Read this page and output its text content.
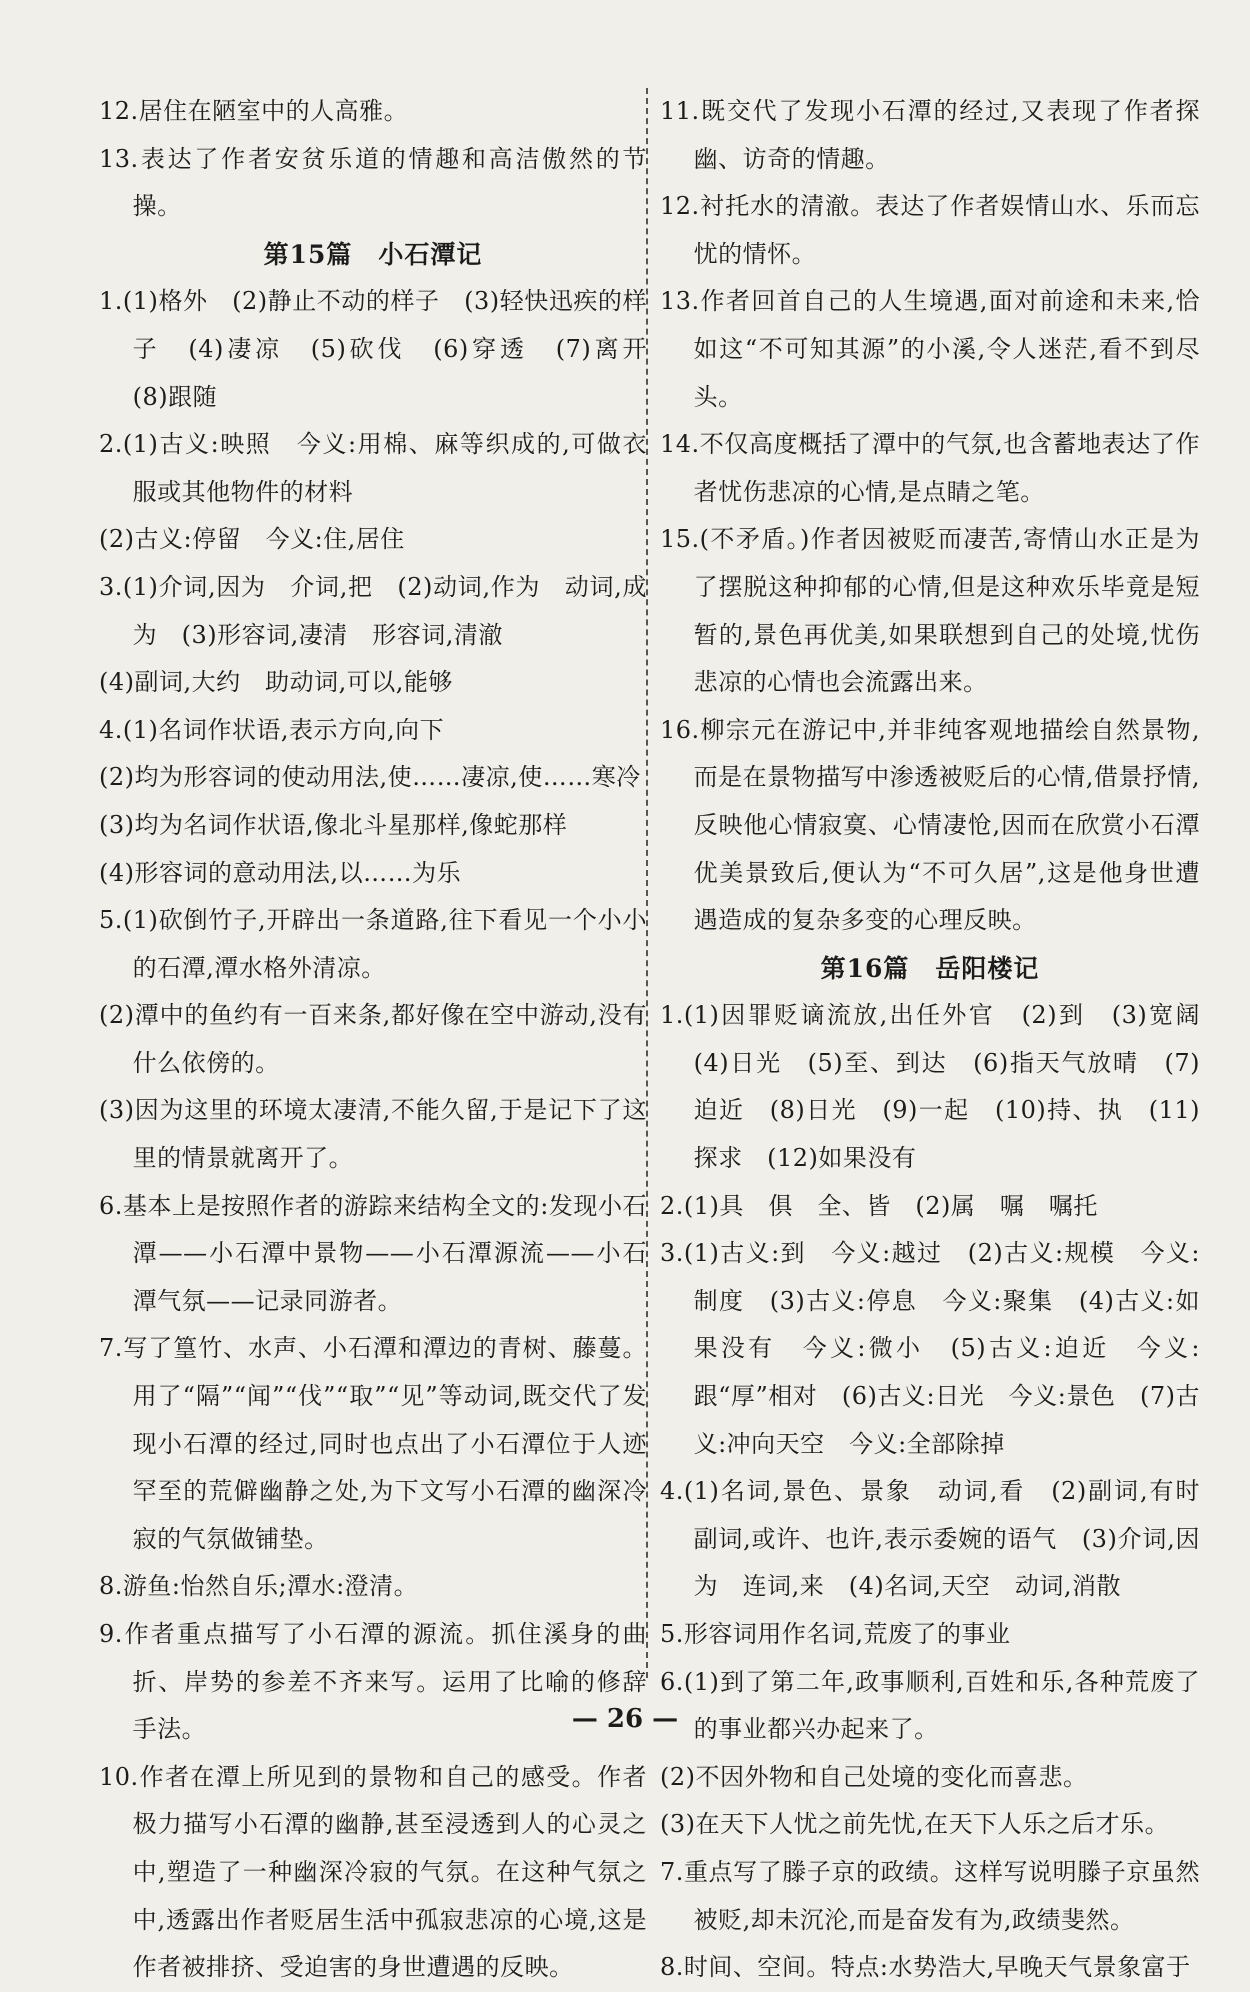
12.居住在陋室中的人高雅。
13.表达了作者安贫乐道的情趣和高洁傲然的节操。
第15篇　小石潭记
1.(1)格外　(2)静止不动的样子　(3)轻快迅疾的样子　(4)凄凉　(5)砍伐　(6)穿透　(7)离开　(8)跟随
2.(1)古义:映照　今义:用棉、麻等织成的,可做衣服或其他物件的材料
(2)古义:停留　今义:住,居住
3.(1)介词,因为　介词,把　(2)动词,作为　动词,成为　(3)形容词,凄清　形容词,清澈
(4)副词,大约　助动词,可以,能够
4.(1)名词作状语,表示方向,向下
(2)均为形容词的使动用法,使……凄凉,使……寒冷
(3)均为名词作状语,像北斗星那样,像蛇那样
(4)形容词的意动用法,以……为乐
5.(1)砍倒竹子,开辟出一条道路,往下看见一个小小的石潭,潭水格外清凉。
(2)潭中的鱼约有一百来条,都好像在空中游动,没有什么依傍的。
(3)因为这里的环境太凄清,不能久留,于是记下了这里的情景就离开了。
6.基本上是按照作者的游踪来结构全文的:发现小石潭——小石潭中景物——小石潭源流——小石潭气氛——记录同游者。
7.写了篁竹、水声、小石潭和潭边的青树、藤蔓。用了“隔”“闻”“伐”“取”“见”等动词,既交代了发现小石潭的经过,同时也点出了小石潭位于人迹罕至的荒僻幽静之处,为下文写小石潭的幽深冷寂的气氛做铺垫。
8.游鱼:怡然自乐;潭水:澄清。
9.作者重点描写了小石潭的源流。抓住溪身的曲折、岸势的参差不齐来写。运用了比喻的修辞手法。
10.作者在潭上所见到的景物和自己的感受。作者极力描写小石潭的幽静,甚至浸透到人的心灵之中,塑造了一种幽深冷寂的气氛。在这种气氛之中,透露出作者贬居生活中孤寂悲凉的心境,这是作者被排挤、受迫害的身世遭遇的反映。
11.既交代了发现小石潭的经过,又表现了作者探幽、访奇的情趣。
12.衬托水的清澈。表达了作者娱情山水、乐而忘忧的情怀。
13.作者回首自己的人生境遇,面对前途和未来,恰如这“不可知其源”的小溪,令人迷茫,看不到尽头。
14.不仅高度概括了潭中的气氛,也含蓄地表达了作者忧伤悲凉的心情,是点睛之笔。
15.(不矛盾。)作者因被贬而凄苦,寄情山水正是为了摆脱这种抑郁的心情,但是这种欢乐毕竟是短暂的,景色再优美,如果联想到自己的处境,忧伤悲凉的心情也会流露出来。
16.柳宗元在游记中,并非纯客观地描绘自然景物,而是在景物描写中渗透被贬后的心情,借景抒情,反映他心情寂寞、心情凄怆,因而在欣赏小石潭优美景致后,便认为“不可久居”,这是他身世遭遇造成的复杂多变的心理反映。
第16篇　岳阳楼记
1.(1)因罪贬谪流放,出任外官　(2)到　(3)宽阔　(4)日光　(5)至、到达　(6)指天气放晴　(7)迫近　(8)日光　(9)一起　(10)持、执　(11)探求　(12)如果没有
2.(1)具　俱　全、皆　(2)属　嘱　嘱托
3.(1)古义:到　今义:越过　(2)古义:规模　今义:制度　(3)古义:停息　今义:聚集　(4)古义:如果没有　今义:微小　(5)古义:迫近　今义:跟“厚”相对　(6)古义:日光　今义:景色　(7)古义:冲向天空　今义:全部除掉
4.(1)名词,景色、景象　动词,看　(2)副词,有时　副词,或许、也许,表示委婉的语气　(3)介词,因为　连词,来　(4)名词,天空　动词,消散
5.形容词用作名词,荒废了的事业
6.(1)到了第二年,政事顺利,百姓和乐,各种荒废了的事业都兴办起来了。
(2)不因外物和自己处境的变化而喜悲。
(3)在天下人忧之前先忧,在天下人乐之后才乐。
7.重点写了滕子京的政绩。这样写说明滕子京虽然被贬,却未沉沦,而是奋发有为,政绩斐然。
8.时间、空间。特点:水势浩大,早晚天气景象富于
— 26 —
